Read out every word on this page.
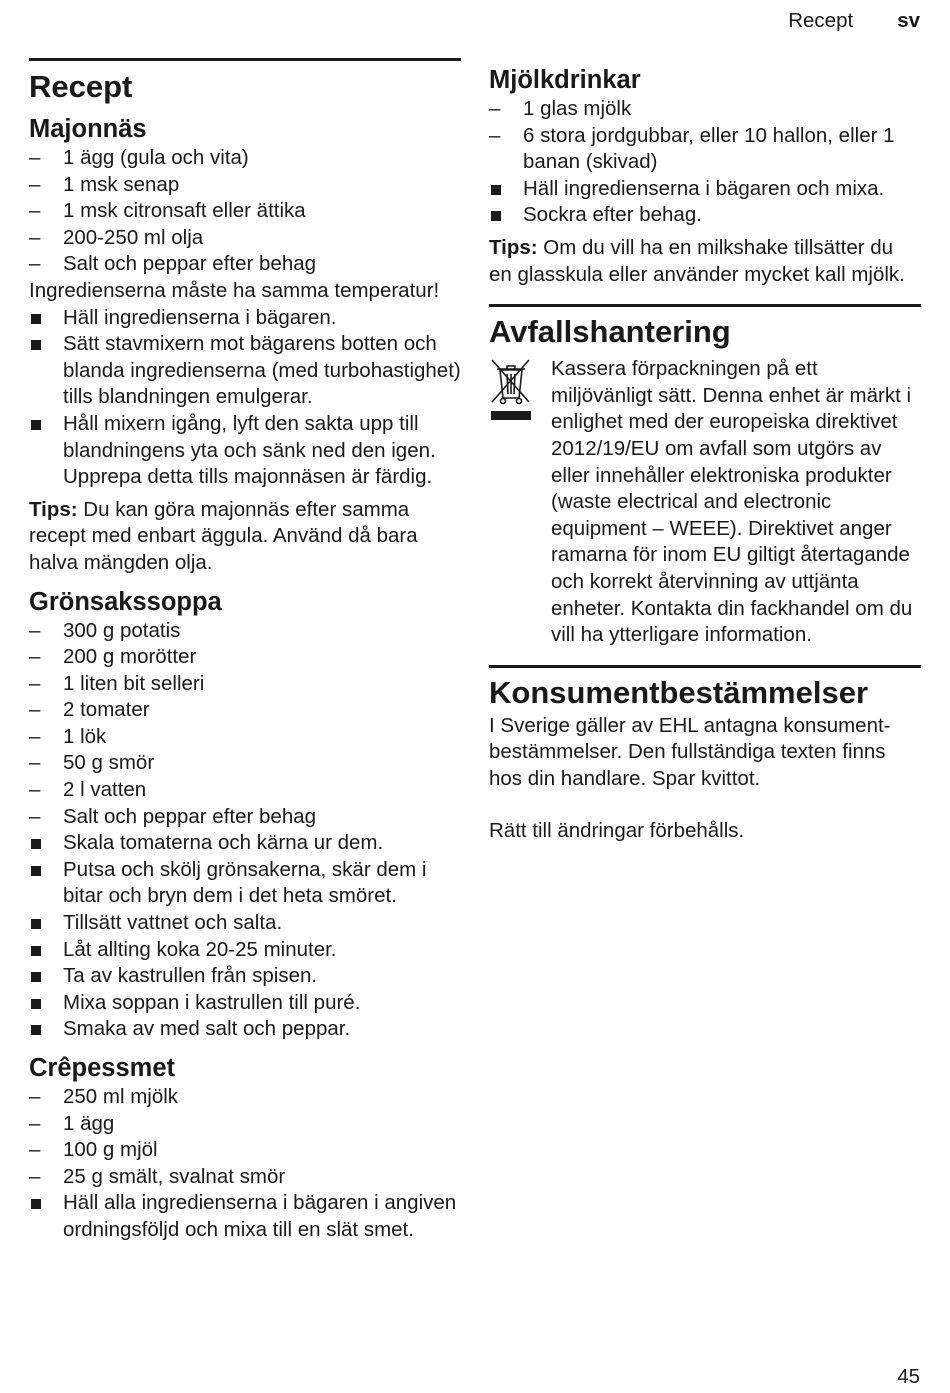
Recept sv
Recept
Majonnäs
–	1 ägg (gula och vita)
–	1 msk senap
–	1 msk citronsaft eller ättika
–	200-250 ml olja
–	Salt och peppar efter behag

Ingredienserna måste ha samma temperatur!

Häll ingredienserna i bägaren.
Sätt stavmixern mot bägarens botten och blanda ingredienserna (med turbohastighet) tills blandningen emulgerar.
Håll mixern igång, lyft den sakta upp till blandningens yta och sänk ned den igen. Upprepa detta tills majonnäsen är färdig.

Tips: Du kan göra majonnäs efter samma recept med enbart äggula. Använd då bara halva mängden olja.

Grönsakssoppa
–	300 g potatis
–	200 g morötter
–	1 liten bit selleri
–	2 tomater
–	1 lök
–	50 g smör
–	2 l vatten
–	Salt och peppar efter behag
Skala tomaterna och kärna ur dem.
Putsa och skölj grönsakerna, skär dem i bitar och bryn dem i det heta smöret.
Tillsätt vattnet och salta.
Låt allting koka 20-25 minuter.
Ta av kastrullen från spisen.
Mixa soppan i kastrullen till puré.
Smaka av med salt och peppar.
Crêpessmet
–	250 ml mjölk
–	1 ägg
–	100 g mjöl
–	25 g smält, svalnat smör
Häll alla ingredienserna i bägaren i angiven ordningsföljd och mixa till en slät smet.
Mjölkdrinkar
–	1 glas mjölk
–	6 stora jordgubbar, eller 10 hallon, eller 1 banan (skivad)
Häll ingredienserna i bägaren och mixa.
Sockra efter behag.

Tips: Om du vill ha en milkshake tillsätter du en glasskula eller använder mycket kall mjölk.

Avfallshantering

Kassera förpackningen på ett miljövänligt sätt. Denna enhet är märkt i enlighet med der europeiska direktivet 2012/19/EU om avfall som utgörs av eller innehåller elektroniska produkter (waste electrical and electronic equipment – WEEE). Direktivet anger ramarna för inom EU giltigt återtagande och korrekt återvinning av uttjänta enheter. Kontakta din fackhandel om du vill ha ytterligare information.

Konsumentbestämmelser

I Sverige gäller av EHL antagna konsumentbestämmelser. Den fullständiga texten finns hos din handlare. Spar kvittot.

Rätt till ändringar förbehålls.

45
